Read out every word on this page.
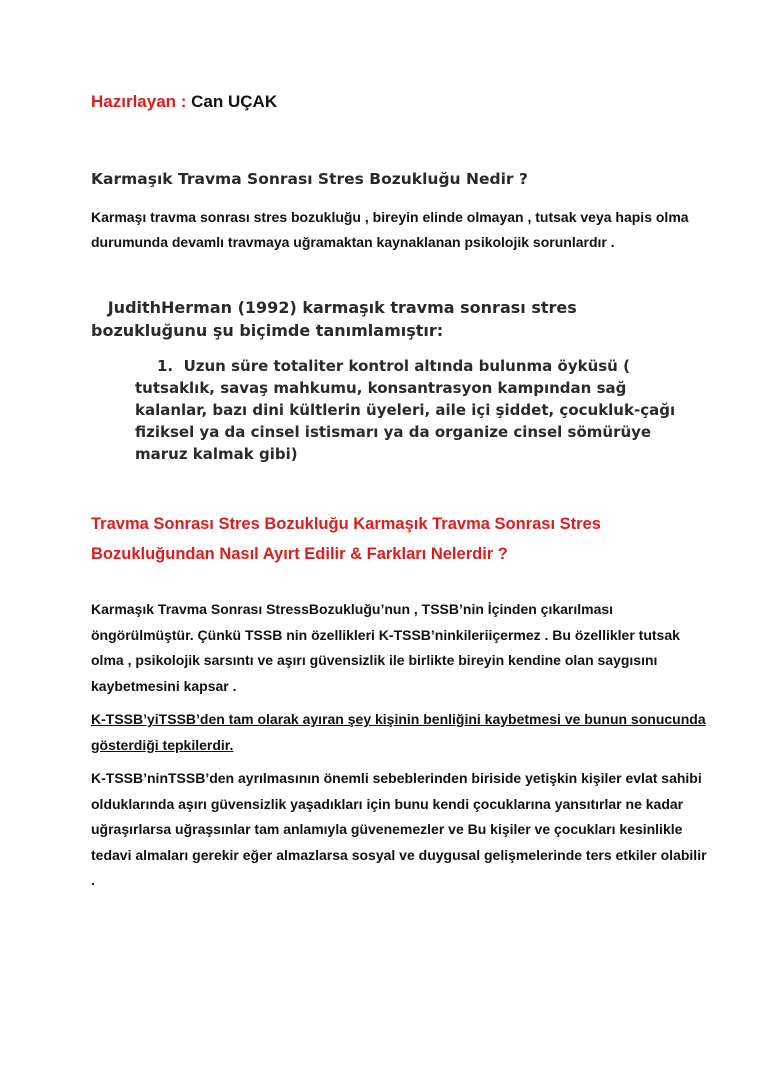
Hazırlayan : Can UÇAK

Karmaşık Travma Sonrası Stres Bozukluğu Nedir ?

Karmaşı travma sonrası stres bozukluğu , bireyin elinde olmayan , tutsak veya hapis olma durumunda devamlı travmaya uğramaktan kaynaklanan psikolojik sorunlardır .

JudithHerman (1992) karmaşık travma sonrası stres bozukluğunu şu biçimde tanımlamıştır:

1. Uzun süre totaliter kontrol altında bulunma öyküsü ( tutsaklık, savaş mahkumu, konsantrasyon kampından sağ kalanlar, bazı dini kültlerin üyeleri, aile içi şiddet, çocukluk-çağı fiziksel ya da cinsel istismarı ya da organize cinsel sömürüye maruz kalmak gibi)

Travma Sonrası Stres Bozukluğu Karmaşık Travma Sonrası Stres Bozukluğundan Nasıl Ayırt Edilir & Farkları Nelerdir ?

Karmaşık Travma Sonrası StressBozukluğu’nun , TSSB’nin İçinden çıkarılması öngörülmüştür. Çünkü TSSB nin özellikleri K-TSSB’ninkileriiçermez . Bu özellikler tutsak olma , psikolojik sarsıntı ve aşırı güvensizlik ile birlikte bireyin kendine olan saygısını kaybetmesini kapsar .

K-TSSB’yiTSSB’den tam olarak ayıran şey kişinin benliğini kaybetmesi ve bunun sonucunda gösterdiği tepkilerdir.

K-TSSB’ninTSSB’den ayrılmasının önemli sebeblerinden biriside yetişkin kişiler evlat sahibi olduklarında aşırı güvensizlik yaşadıkları için bunu kendi çocuklarına yansıtırlar ne kadar uğraşırlarsa uğraşsınlar tam anlamıyla güvenemezler ve Bu kişiler ve çocukları kesinlikle tedavi almaları gerekir eğer almazlarsa sosyal ve duygusal gelişmelerinde ters etkiler olabilir .
